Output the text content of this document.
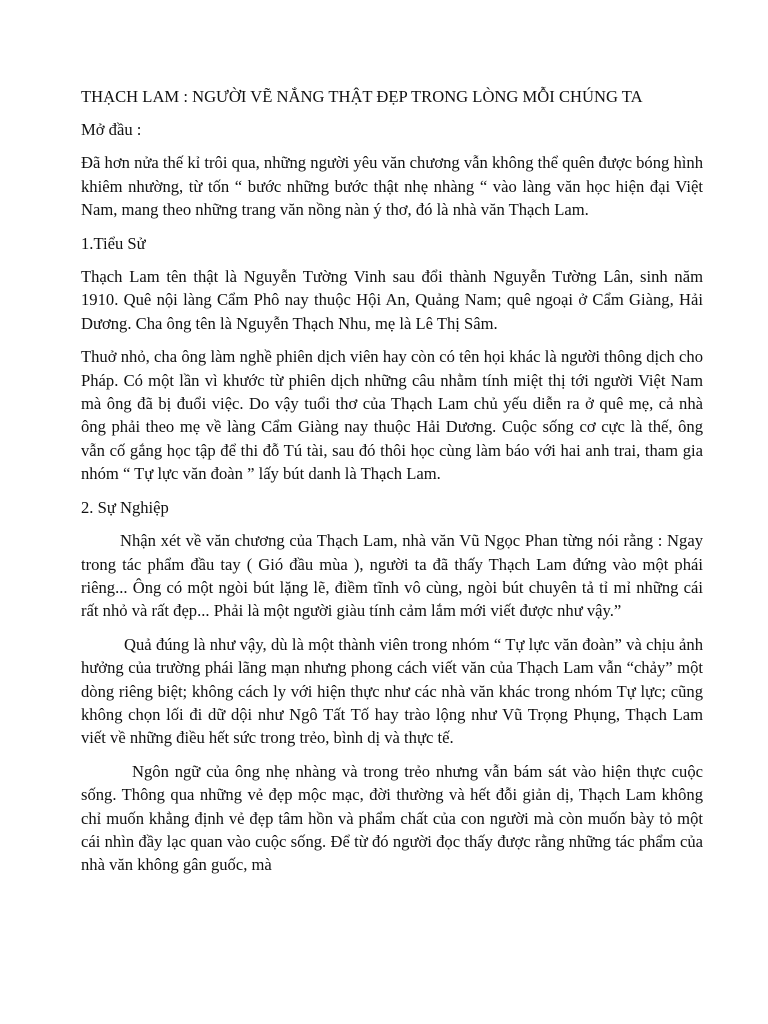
THẠCH LAM : NGƯỜI VẼ NẮNG THẬT ĐẸP TRONG LÒNG MỖI CHÚNG TA
Mở đầu :

Đã hơn nửa thế kỉ trôi qua, những người yêu văn chương vẫn không thể quên được bóng hình khiêm nhường, từ tốn “ bước những bước thật nhẹ nhàng “ vào làng văn học hiện đại Việt Nam, mang theo những trang văn nồng nàn ý thơ, đó là nhà văn Thạch Lam.

1.Tiểu Sử

Thạch Lam tên thật là Nguyễn Tường Vinh sau đổi thành Nguyễn Tường Lân, sinh năm 1910. Quê nội làng Cẩm Phô nay thuộc Hội An, Quảng Nam; quê ngoại ở Cẩm Giàng, Hải Dương. Cha ông tên là Nguyễn Thạch Nhu, mẹ là Lê Thị Sâm.

Thuở nhỏ, cha ông làm nghề phiên dịch viên hay còn có tên họi khác là người thông dịch cho Pháp. Có một lần vì khước từ phiên dịch những câu nhằm tính miệt thị tới người Việt Nam mà ông đã bị đuổi việc. Do vậy tuổi thơ của Thạch Lam chủ yếu diễn ra ở quê mẹ, cả nhà ông phải theo mẹ về làng Cẩm Giàng nay thuộc Hải Dương. Cuộc sống cơ cực là thế, ông vẫn cố gắng học tập để thi đỗ Tú tài, sau đó thôi học cùng làm báo với hai anh trai, tham gia nhóm “ Tự lực văn đoàn ” lấy bút danh là Thạch Lam.

2. Sự Nghiệp

Nhận xét về văn chương của Thạch Lam, nhà văn Vũ Ngọc Phan từng nói rằng : Ngay trong tác phẩm đầu tay ( Gió đầu mùa ), người ta đã thấy Thạch Lam đứng vào một phái riêng... Ông có một ngòi bút lặng lẽ, điềm tĩnh vô cùng, ngòi bút chuyên tả tỉ mỉ những cái rất nhỏ và rất đẹp... Phải là một người giàu tính cảm lắm mới viết được như vậy.”

Quả đúng là như vậy, dù là một thành viên trong nhóm “ Tự lực văn đoàn” và chịu ảnh hưởng của trường phái lãng mạn nhưng phong cách viết văn của Thạch Lam vẫn “chảy” một dòng riêng biệt; không cách ly với hiện thực như các nhà văn khác trong nhóm Tự lực; cũng không chọn lối đi dữ dội như Ngô Tất Tố hay trào lộng như Vũ Trọng Phụng, Thạch Lam viết về những điều hết sức trong trẻo, bình dị và thực tế.

Ngôn ngữ của ông nhẹ nhàng và trong trẻo nhưng vẫn bám sát vào hiện thực cuộc sống. Thông qua những vẻ đẹp mộc mạc, đời thường và hết đỗi giản dị, Thạch Lam không chỉ muốn khẳng định vẻ đẹp tâm hồn và phẩm chất của con người mà còn muốn bày tỏ một cái nhìn đầy lạc quan vào cuộc sống. Để từ đó người đọc thấy được rằng những tác phẩm của nhà văn không gân guốc, mà
